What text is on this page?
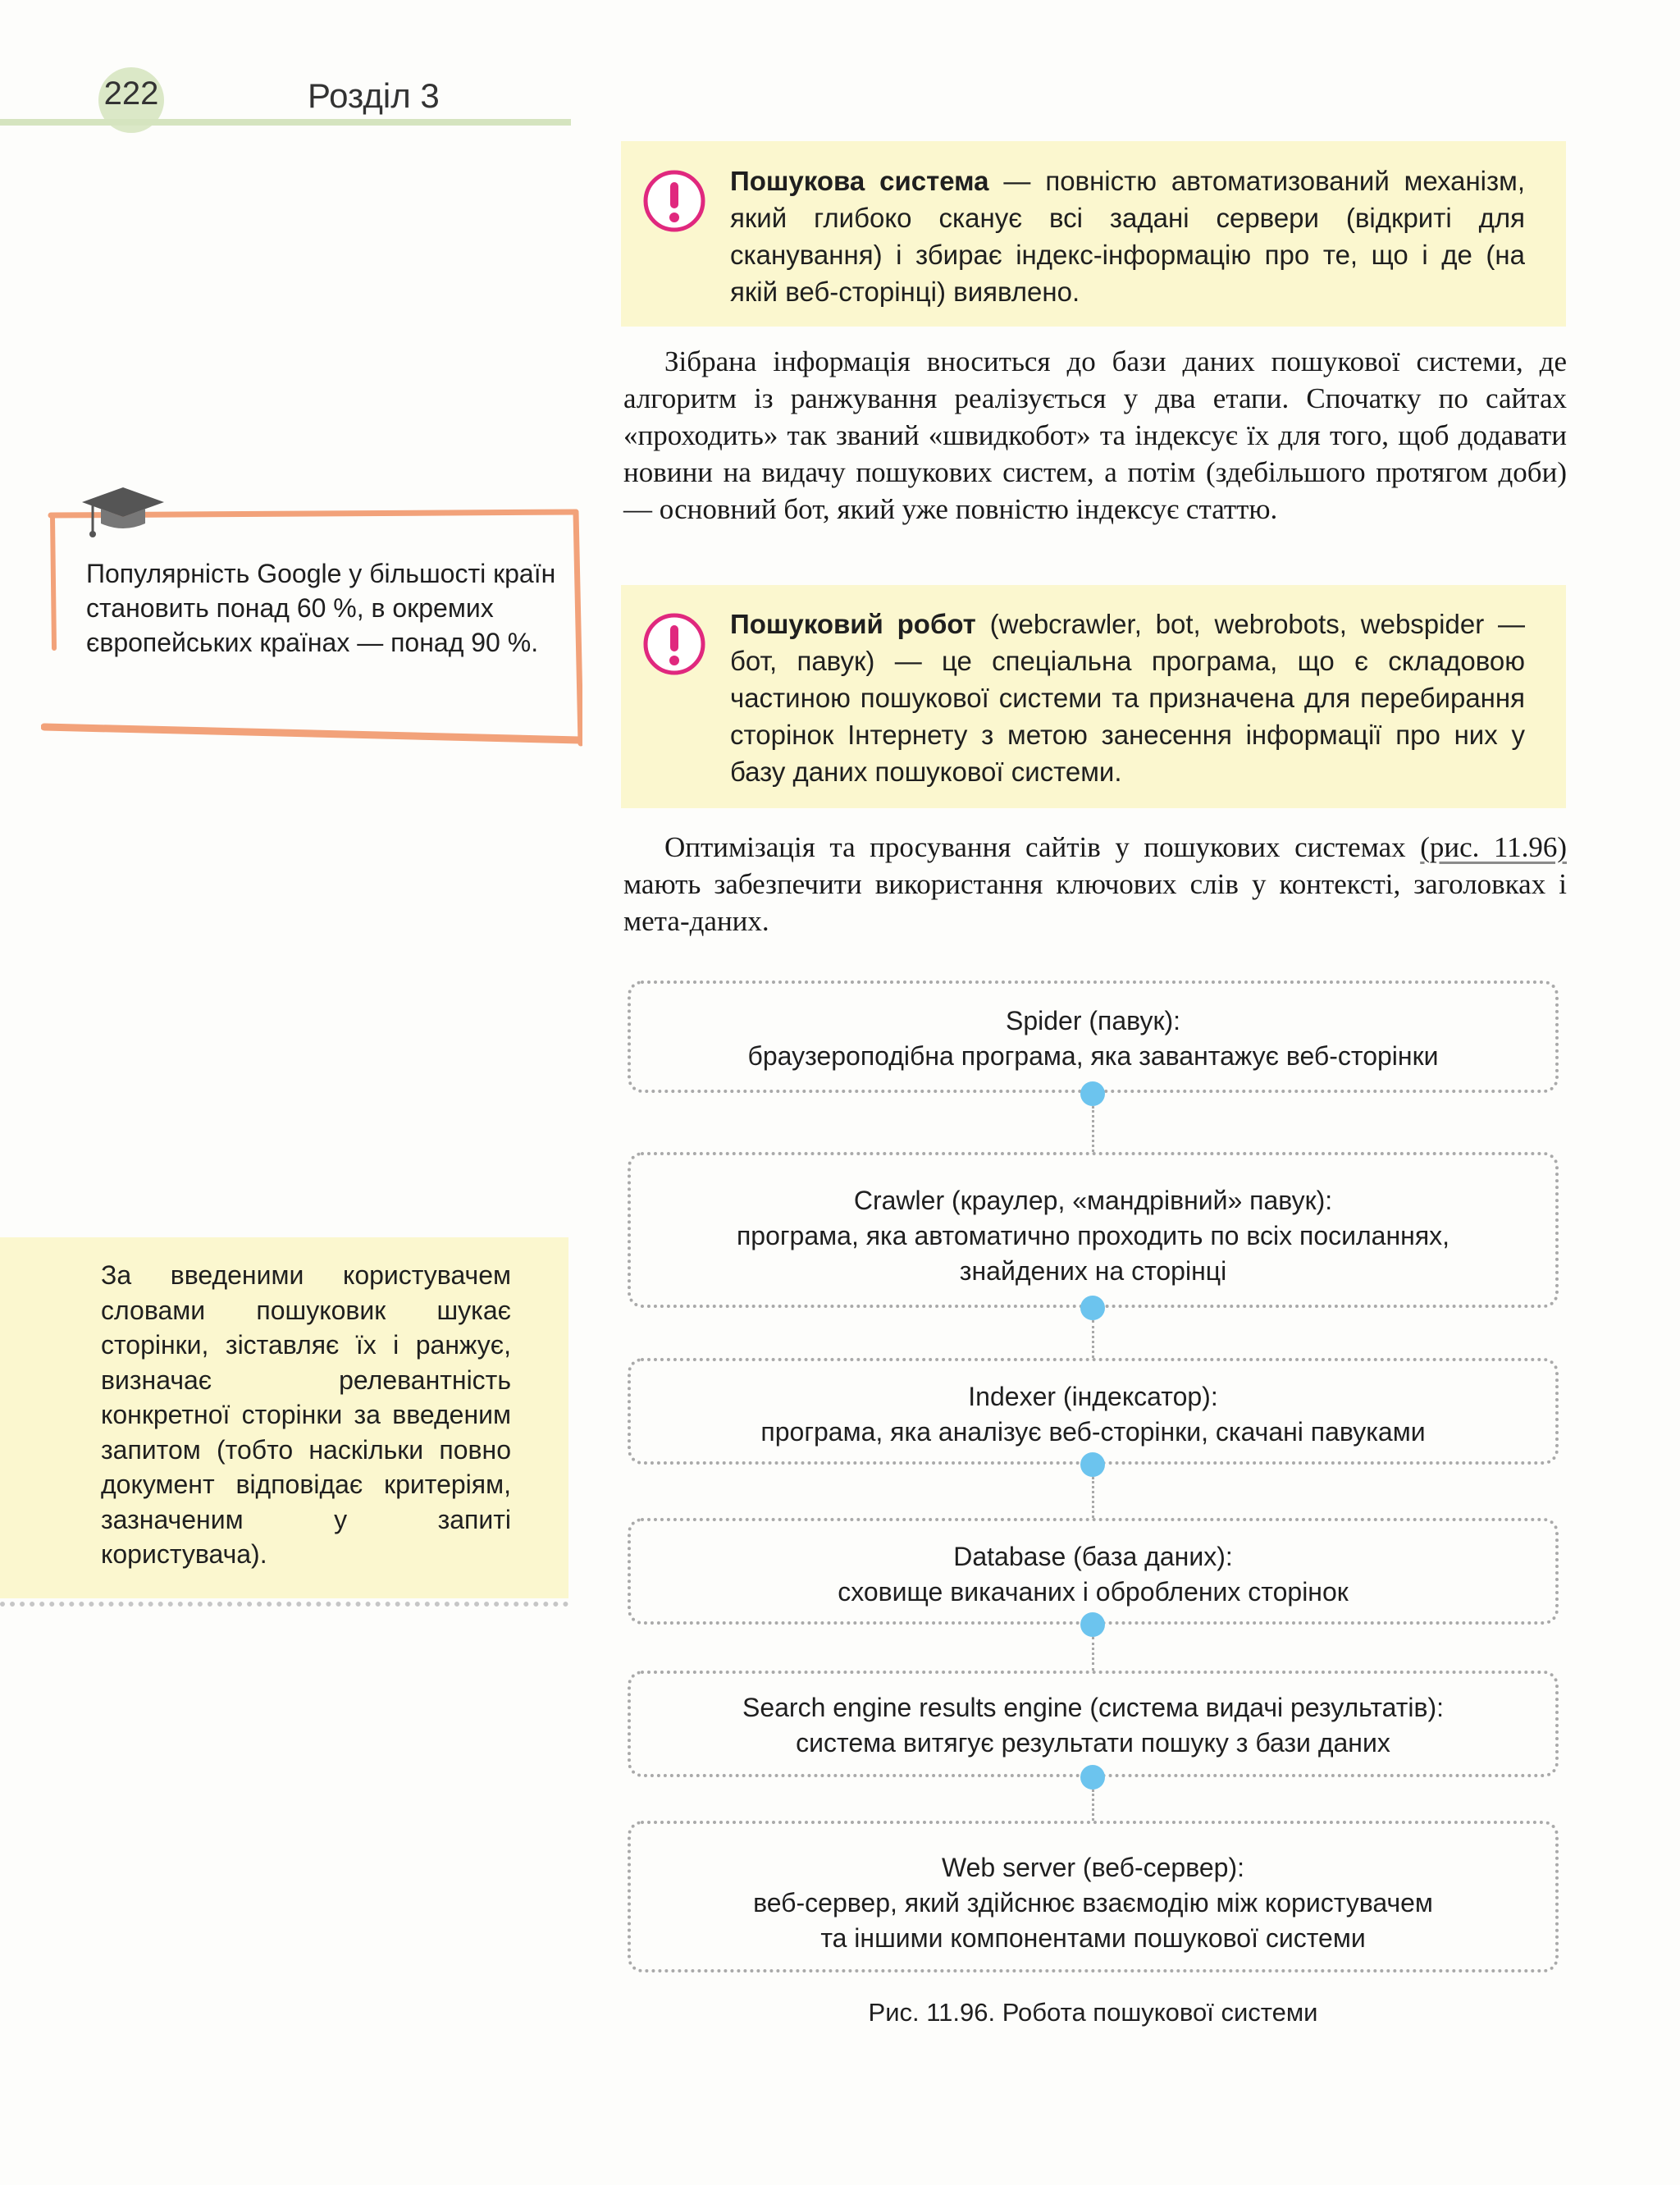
222	Розділ 3
Пошукова система — повністю автоматизований механізм, який глибоко сканує всі задані сервери (відкриті для сканування) і збирає індекс-інформацію про те, що і де (на якій веб-сторінці) виявлено.
Зібрана інформація вноситься до бази даних пошукової системи, де алгоритм із ранжування реалізується у два етапи. Спочатку по сайтах «проходить» так званий «швидкобот» та індексує їх для того, щоб додавати новини на видачу пошукових систем, а потім (здебільшого протягом доби) — основний бот, який уже повністю індексує статтю.
Пошуковий робот (webcrawler, bot, webrobots, webspider — бот, павук) — це спеціальна програма, що є складовою частиною пошукової системи та призначена для перебирання сторінок Інтернету з метою занесення інформації про них у базу даних пошукової системи.
Оптимізація та просування сайтів у пошукових системах (рис. 11.96) мають забезпечити використання ключових слів у контексті, заголовках і мета-даних.
Популярність Google у більшості країн становить понад 60 %, в окремих європейських країнах — понад 90 %.
За введеними користувачем словами пошуковик шукає сторінки, зіставляє їх і ранжує, визначає релевантність конкретної сторінки за введеним запитом (тобто наскільки повно документ відповідає критеріям, зазначеним у запиті користувача).
Spider (павук):
браузероподібна програма, яка завантажує веб-сторінки
Crawler (краулер, «мандрівний» павук):
програма, яка автоматично проходить по всіх посиланнях,
знайдених на сторінці
Indexer (індексатор):
програма, яка аналізує веб-сторінки, скачані павуками
Database (база даних):
сховище викачаних і оброблених сторінок
Search engine results engine (система видачі результатів):
система витягує результати пошуку з бази даних
Web server (веб-сервер):
веб-сервер, який здійснює взаємодію між користувачем
та іншими компонентами пошукової системи
Рис. 11.96. Робота пошукової системи
